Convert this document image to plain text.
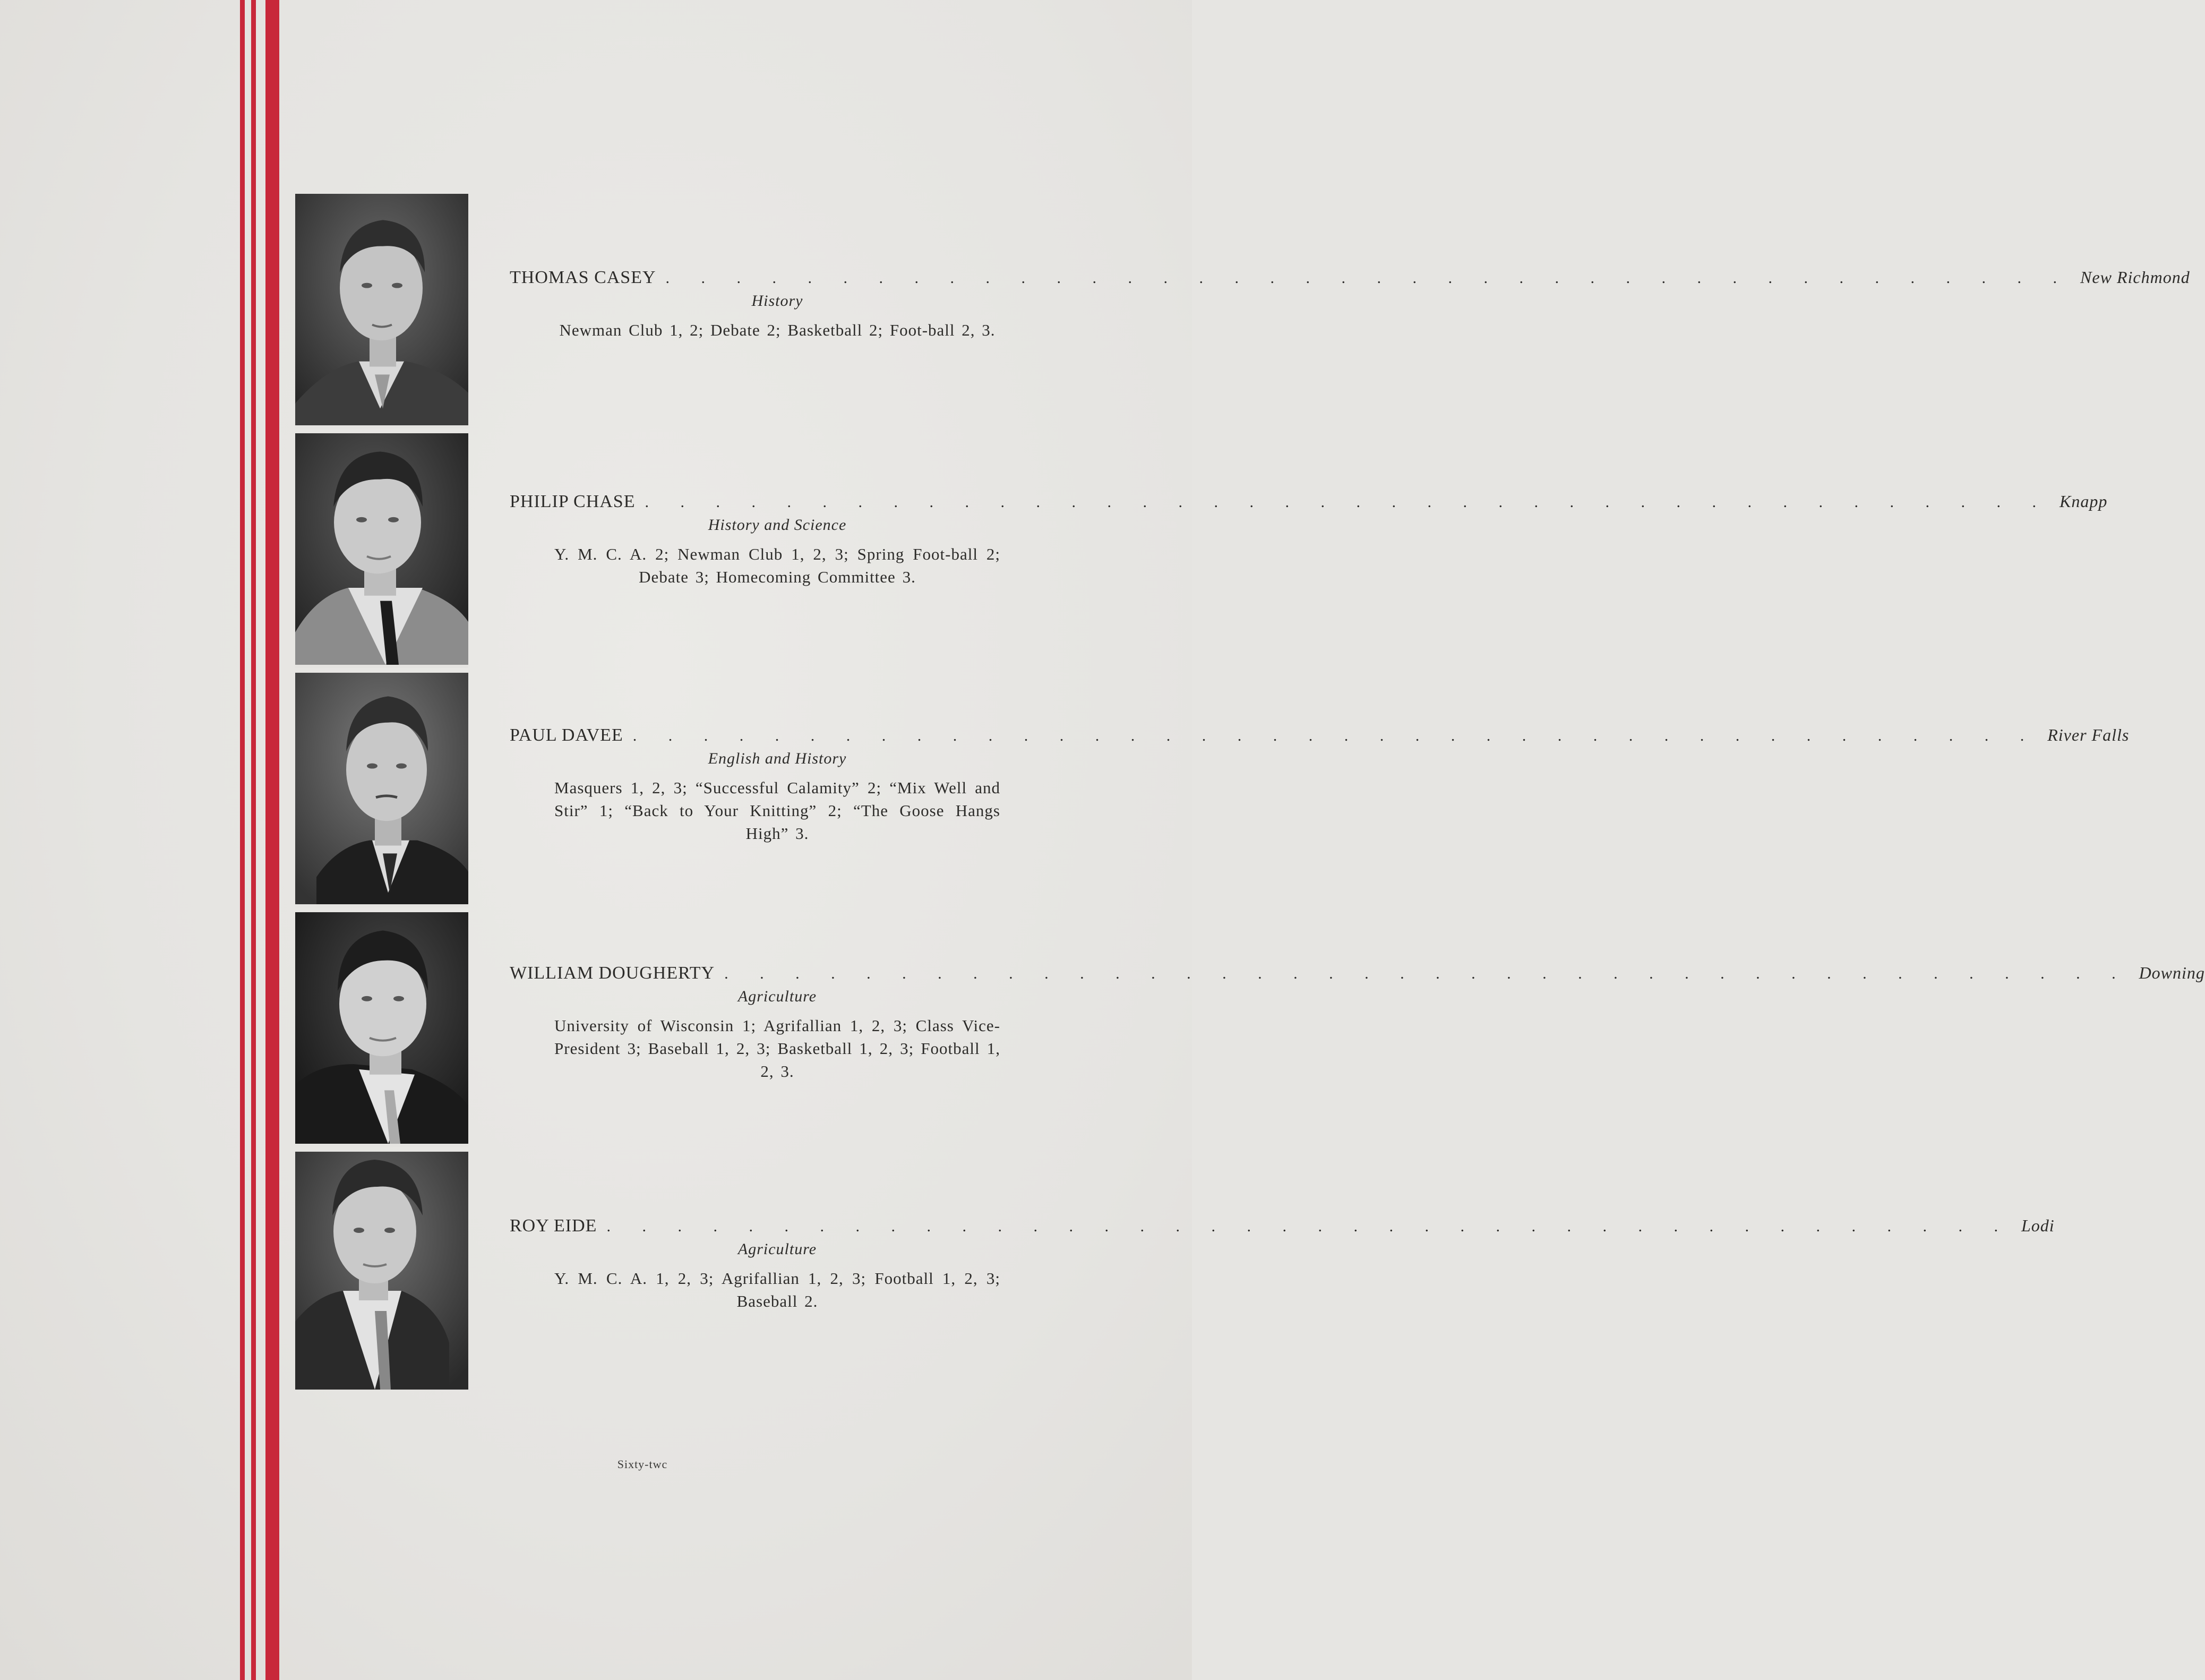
THOMAS CASEY . . . . . . . . . . . . . . . . . . . . . . . . . . . . . . . . . . . . . . . . New Richmond
History
Newman Club 1, 2; Debate 2; Basketball 2; Foot-ball 2, 3.
PHILIP CHASE . . . . . . . . . . . . . . . . . . . . . . . . . . . . . . . . . . . . . . . . Knapp
History and Science
Y. M. C. A. 2; Newman Club 1, 2, 3; Spring Foot-ball 2; Debate 3; Homecoming Committee 3.
PAUL DAVEE . . . . . . . . . . . . . . . . . . . . . . . . . . . . . . . . . . . . . . . . River Falls
English and History
Masquers 1, 2, 3; “Successful Calamity” 2; “Mix Well and Stir” 1; “Back to Your Knitting” 2; “The Goose Hangs High” 3.
WILLIAM DOUGHERTY . . . . . . . . . . . . . . . . . . . . . . . . . . . . . . . . . . . . . . . . Downing
Agriculture
University of Wisconsin 1; Agrifallian 1, 2, 3; Class Vice-President 3; Baseball 1, 2, 3; Basketball 1, 2, 3; Football 1, 2, 3.
ROY EIDE . . . . . . . . . . . . . . . . . . . . . . . . . . . . . . . . . . . . . . . . Lodi
Agriculture
Y. M. C. A. 1, 2, 3; Agrifallian 1, 2, 3; Football 1, 2, 3; Baseball 2.
Sixty-twc
